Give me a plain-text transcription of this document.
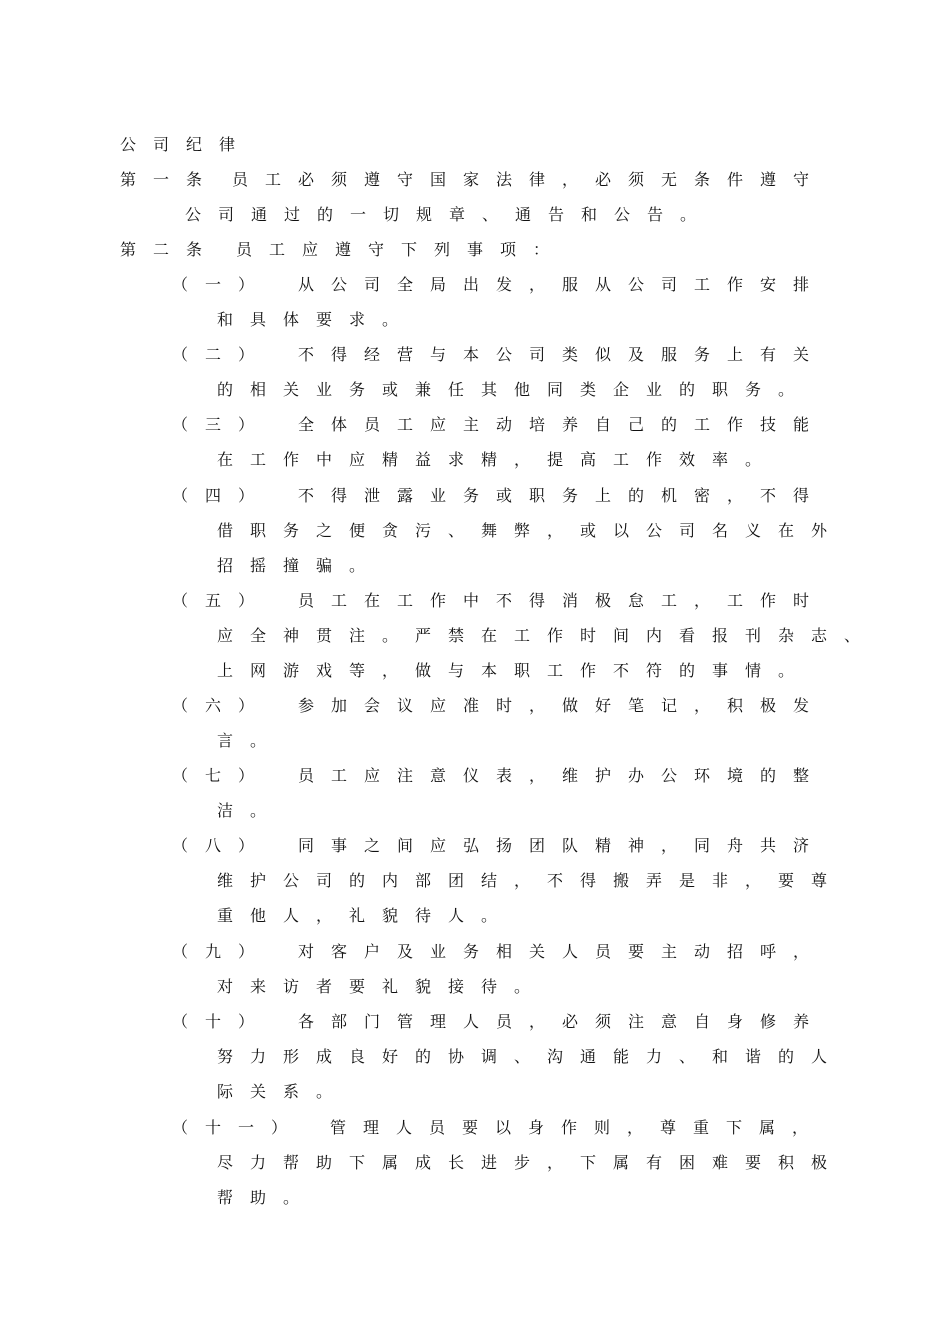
公司纪律
第一条 员工必须遵守国家法律，必须无条件遵守
公司通过的一切规章、通告和公告。
第二条 员工应遵守下列事项：
（一） 从公司全局出发，服从公司工作安排
和具体要求。
（二） 不得经营与本公司类似及服务上有关
的相关业务或兼任其他同类企业的职务。
（三） 全体员工应主动培养自己的工作技能
在工作中应精益求精，提高工作效率。
（四） 不得泄露业务或职务上的机密，不得
借职务之便贪污、舞弊，或以公司名义在外
招摇撞骗。
（五） 员工在工作中不得消极怠工，工作时
应全神贯注。严禁在工作时间内看报刊杂志、
上网游戏等，做与本职工作不符的事情。
（六） 参加会议应准时，做好笔记，积极发
言。
（七） 员工应注意仪表，维护办公环境的整
洁。
（八） 同事之间应弘扬团队精神，同舟共济
维护公司的内部团结，不得搬弄是非，要尊
重他人，礼貌待人。
（九） 对客户及业务相关人员要主动招呼，
对来访者要礼貌接待。
（十） 各部门管理人员，必须注意自身修养
努力形成良好的协调、沟通能力、和谐的人
际关系。
（十一） 管理人员要以身作则，尊重下属，
尽力帮助下属成长进步，下属有困难要积极
帮助。
